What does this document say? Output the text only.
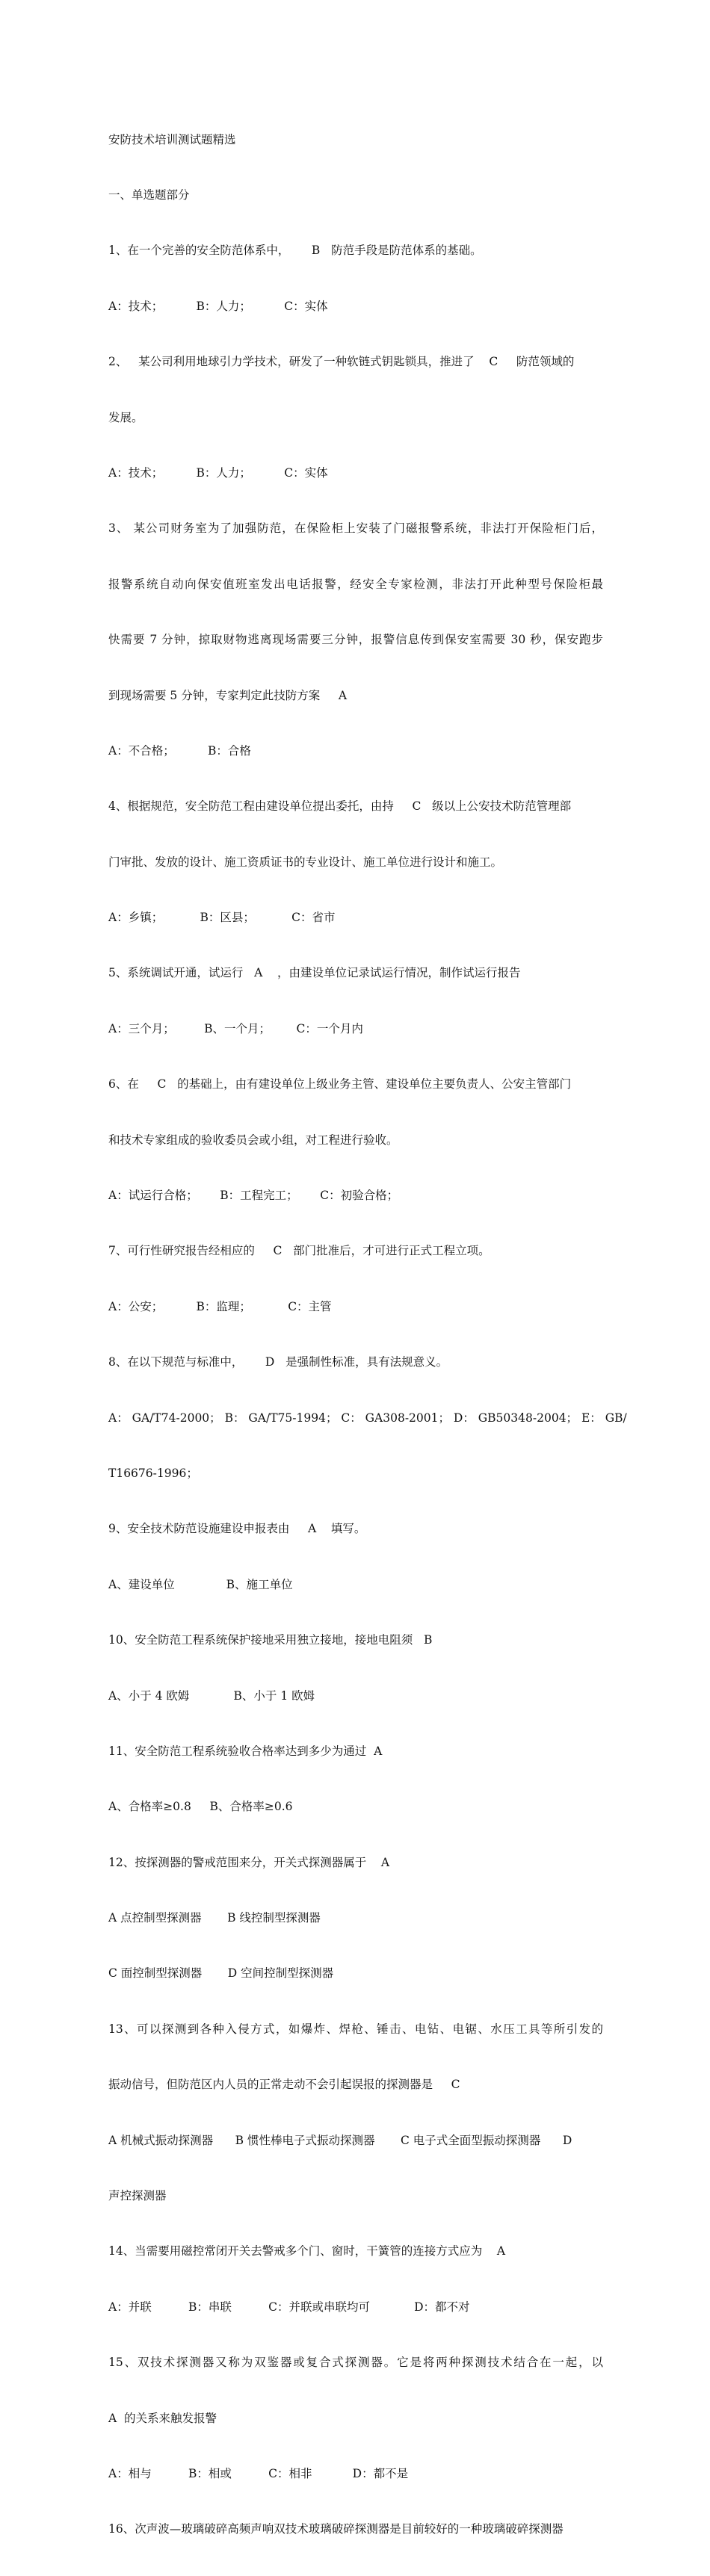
安防技术培训测试题精选

一、单选题部分

1、在一个完善的安全防范体系中，      B   防范手段是防范体系的基础。

A：技术；         B：人力；         C：实体

2、   某公司利用地球引力学技术，研发了一种软链式钥匙锁具，推进了    C     防范领域的

发展。

A：技术；         B：人力；         C：实体

3、 某公司财务室为了加强防范，在保险柜上安装了门磁报警系统，非法打开保险柜门后，

报警系统自动向保安值班室发出电话报警，经安全专家检测，非法打开此种型号保险柜最

快需要 7 分钟，掠取财物逃离现场需要三分钟，报警信息传到保安室需要 30 秒，保安跑步

到现场需要 5 分钟，专家判定此技防方案     A

A：不合格；         B：合格

4、根据规范，安全防范工程由建设单位提出委托，由持     C   级以上公安技术防范管理部

门审批、发放的设计、施工资质证书的专业设计、施工单位进行设计和施工。

A：乡镇；          B：区县；          C：省市

5、系统调试开通，试运行   A    ，由建设单位记录试运行情况，制作试运行报告

A：三个月；        B、一个月；       C：一个月内

6、在     C   的基础上，由有建设单位上级业务主管、建设单位主要负责人、公安主管部门

和技术专家组成的验收委员会或小组，对工程进行验收。

A：试运行合格；      B：工程完工；      C：初验合格；

7、可行性研究报告经相应的     C   部门批准后，才可进行正式工程立项。

A：公安；         B：监理；          C：主管

8、在以下规范与标准中，      D   是强制性标准，具有法规意义。

A： GA/T74-2000； B： GA/T75-1994； C： GA308-2001； D： GB50348-2004； E： GB/

T16676-1996；

9、安全技术防范设施建设申报表由     A    填写。

A、建设单位              B、施工单位

10、安全防范工程系统保护接地采用独立接地，接地电阻须   B

A、小于 4 欧姆            B、小于 1 欧姆

11、安全防范工程系统验收合格率达到多少为通过  A

A、合格率≥0.8     B、合格率≥0.6

12、按探测器的警戒范围来分，开关式探测器属于    A

A 点控制型探测器       B 线控制型探测器

C 面控制型探测器       D 空间控制型探测器

13、可以探测到各种入侵方式，如爆炸、焊枪、锤击、电钻、电锯、水压工具等所引发的

振动信号，但防范区内人员的正常走动不会引起误报的探测器是     C

A 机械式振动探测器      B 惯性棒电子式振动探测器       C 电子式全面型振动探测器      D

声控探测器

14、当需要用磁控常闭开关去警戒多个门、窗时，干簧管的连接方式应为    A

A：并联          B：串联          C：并联或串联均可            D：都不对

15、双技术探测器又称为双鉴器或复合式探测器。它是将两种探测技术结合在一起，以

A  的关系来触发报警

A：相与          B：相或          C：相非           D：都不是

16、次声波—玻璃破碎高频声响双技术玻璃破碎探测器是目前较好的一种玻璃破碎探测器
